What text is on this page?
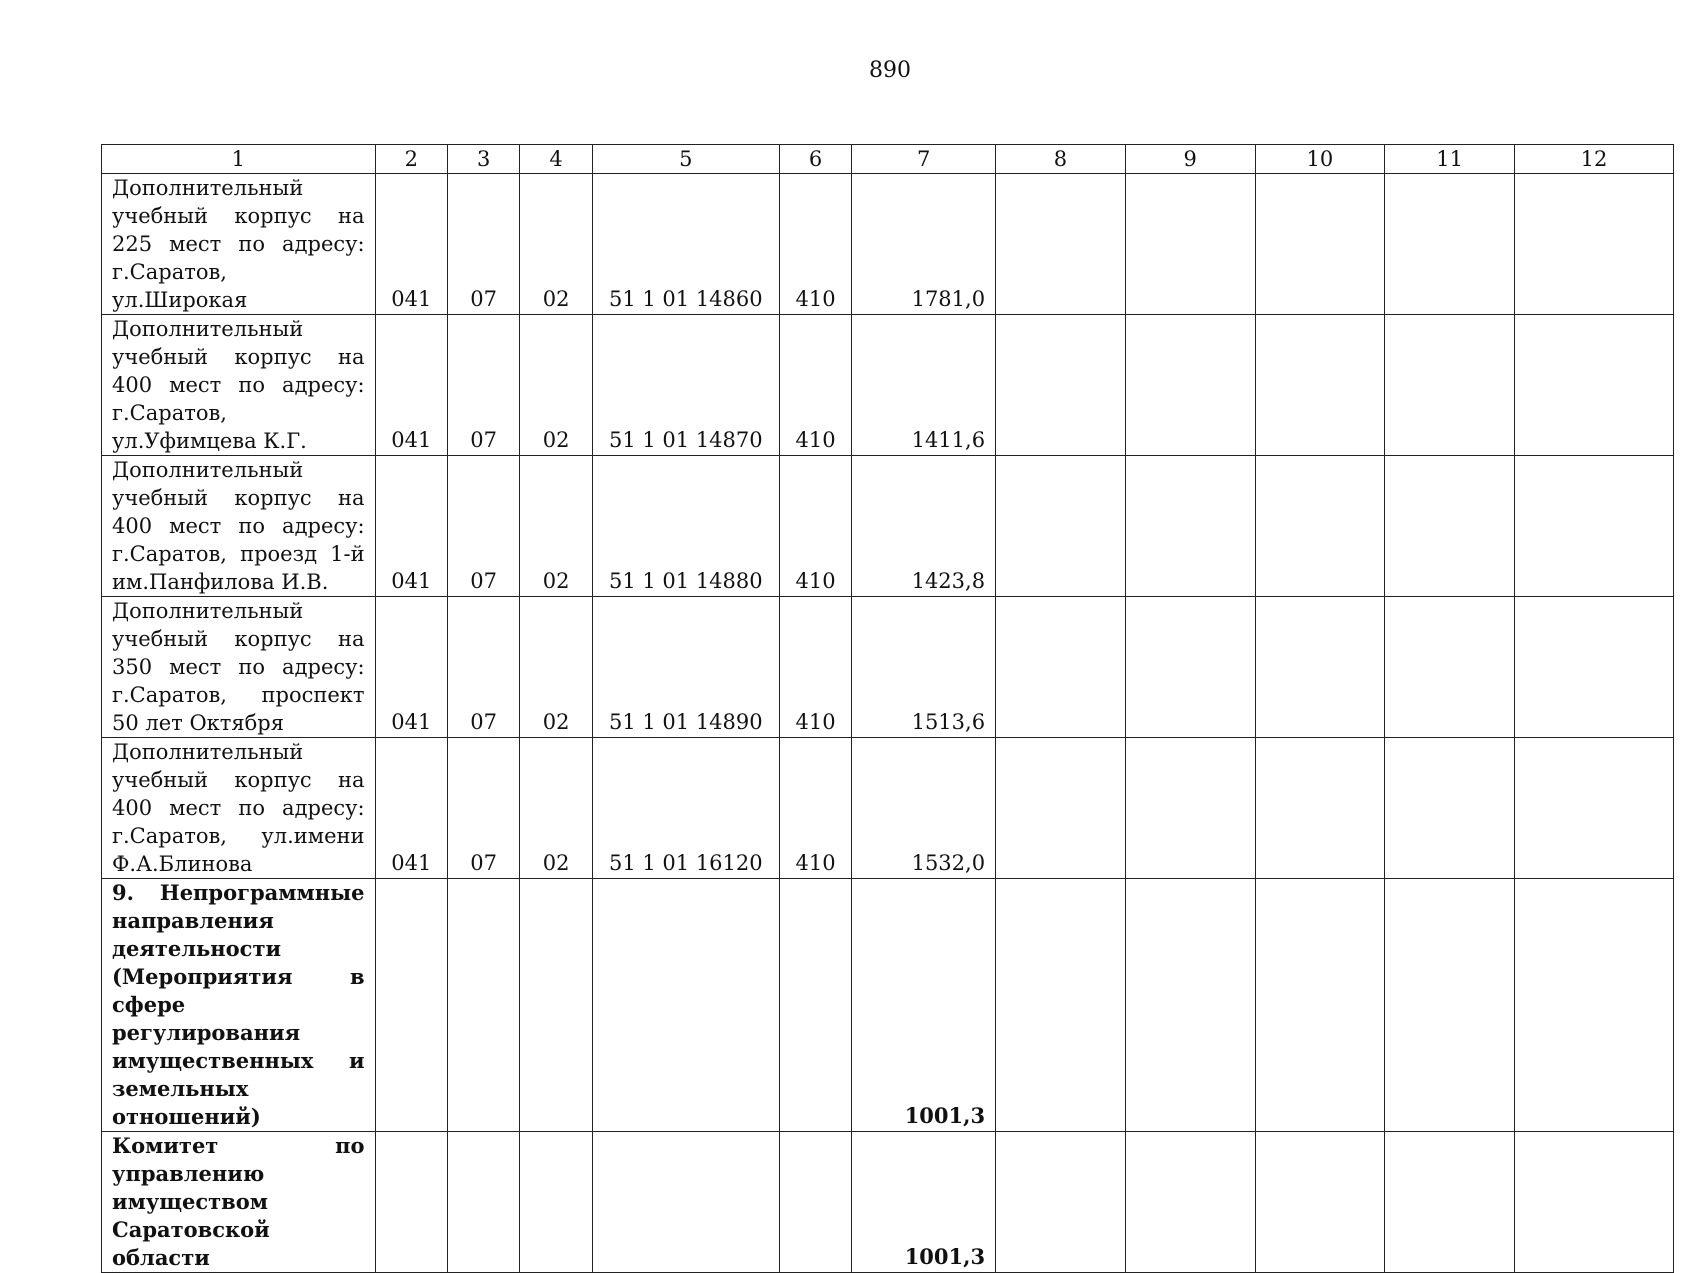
890
1	2	3	4	5	6	7	8	9	10	11	12
Дополнительный учебный корпус на 225 мест по адресу: г.Саратов, ул.Широкая	041	07	02	51 1 01 14860	410	1781,0					
Дополнительный учебный корпус на 400 мест по адресу: г.Саратов, ул.Уфимцева К.Г.	041	07	02	51 1 01 14870	410	1411,6					
Дополнительный учебный корпус на 400 мест по адресу: г.Саратов, проезд 1-й им.Панфилова И.В.	041	07	02	51 1 01 14880	410	1423,8					
Дополнительный учебный корпус на 350 мест по адресу: г.Саратов, проспект 50 лет Октября	041	07	02	51 1 01 14890	410	1513,6					
Дополнительный учебный корпус на 400 мест по адресу: г.Саратов, ул.имени Ф.А.Блинова	041	07	02	51 1 01 16120	410	1532,0					
9. Непрограммные направления деятельности (Мероприятия в сфере регулирования имущественных и земельных отношений)						1001,3					
Комитет по управлению имуществом Саратовской области						1001,3					
